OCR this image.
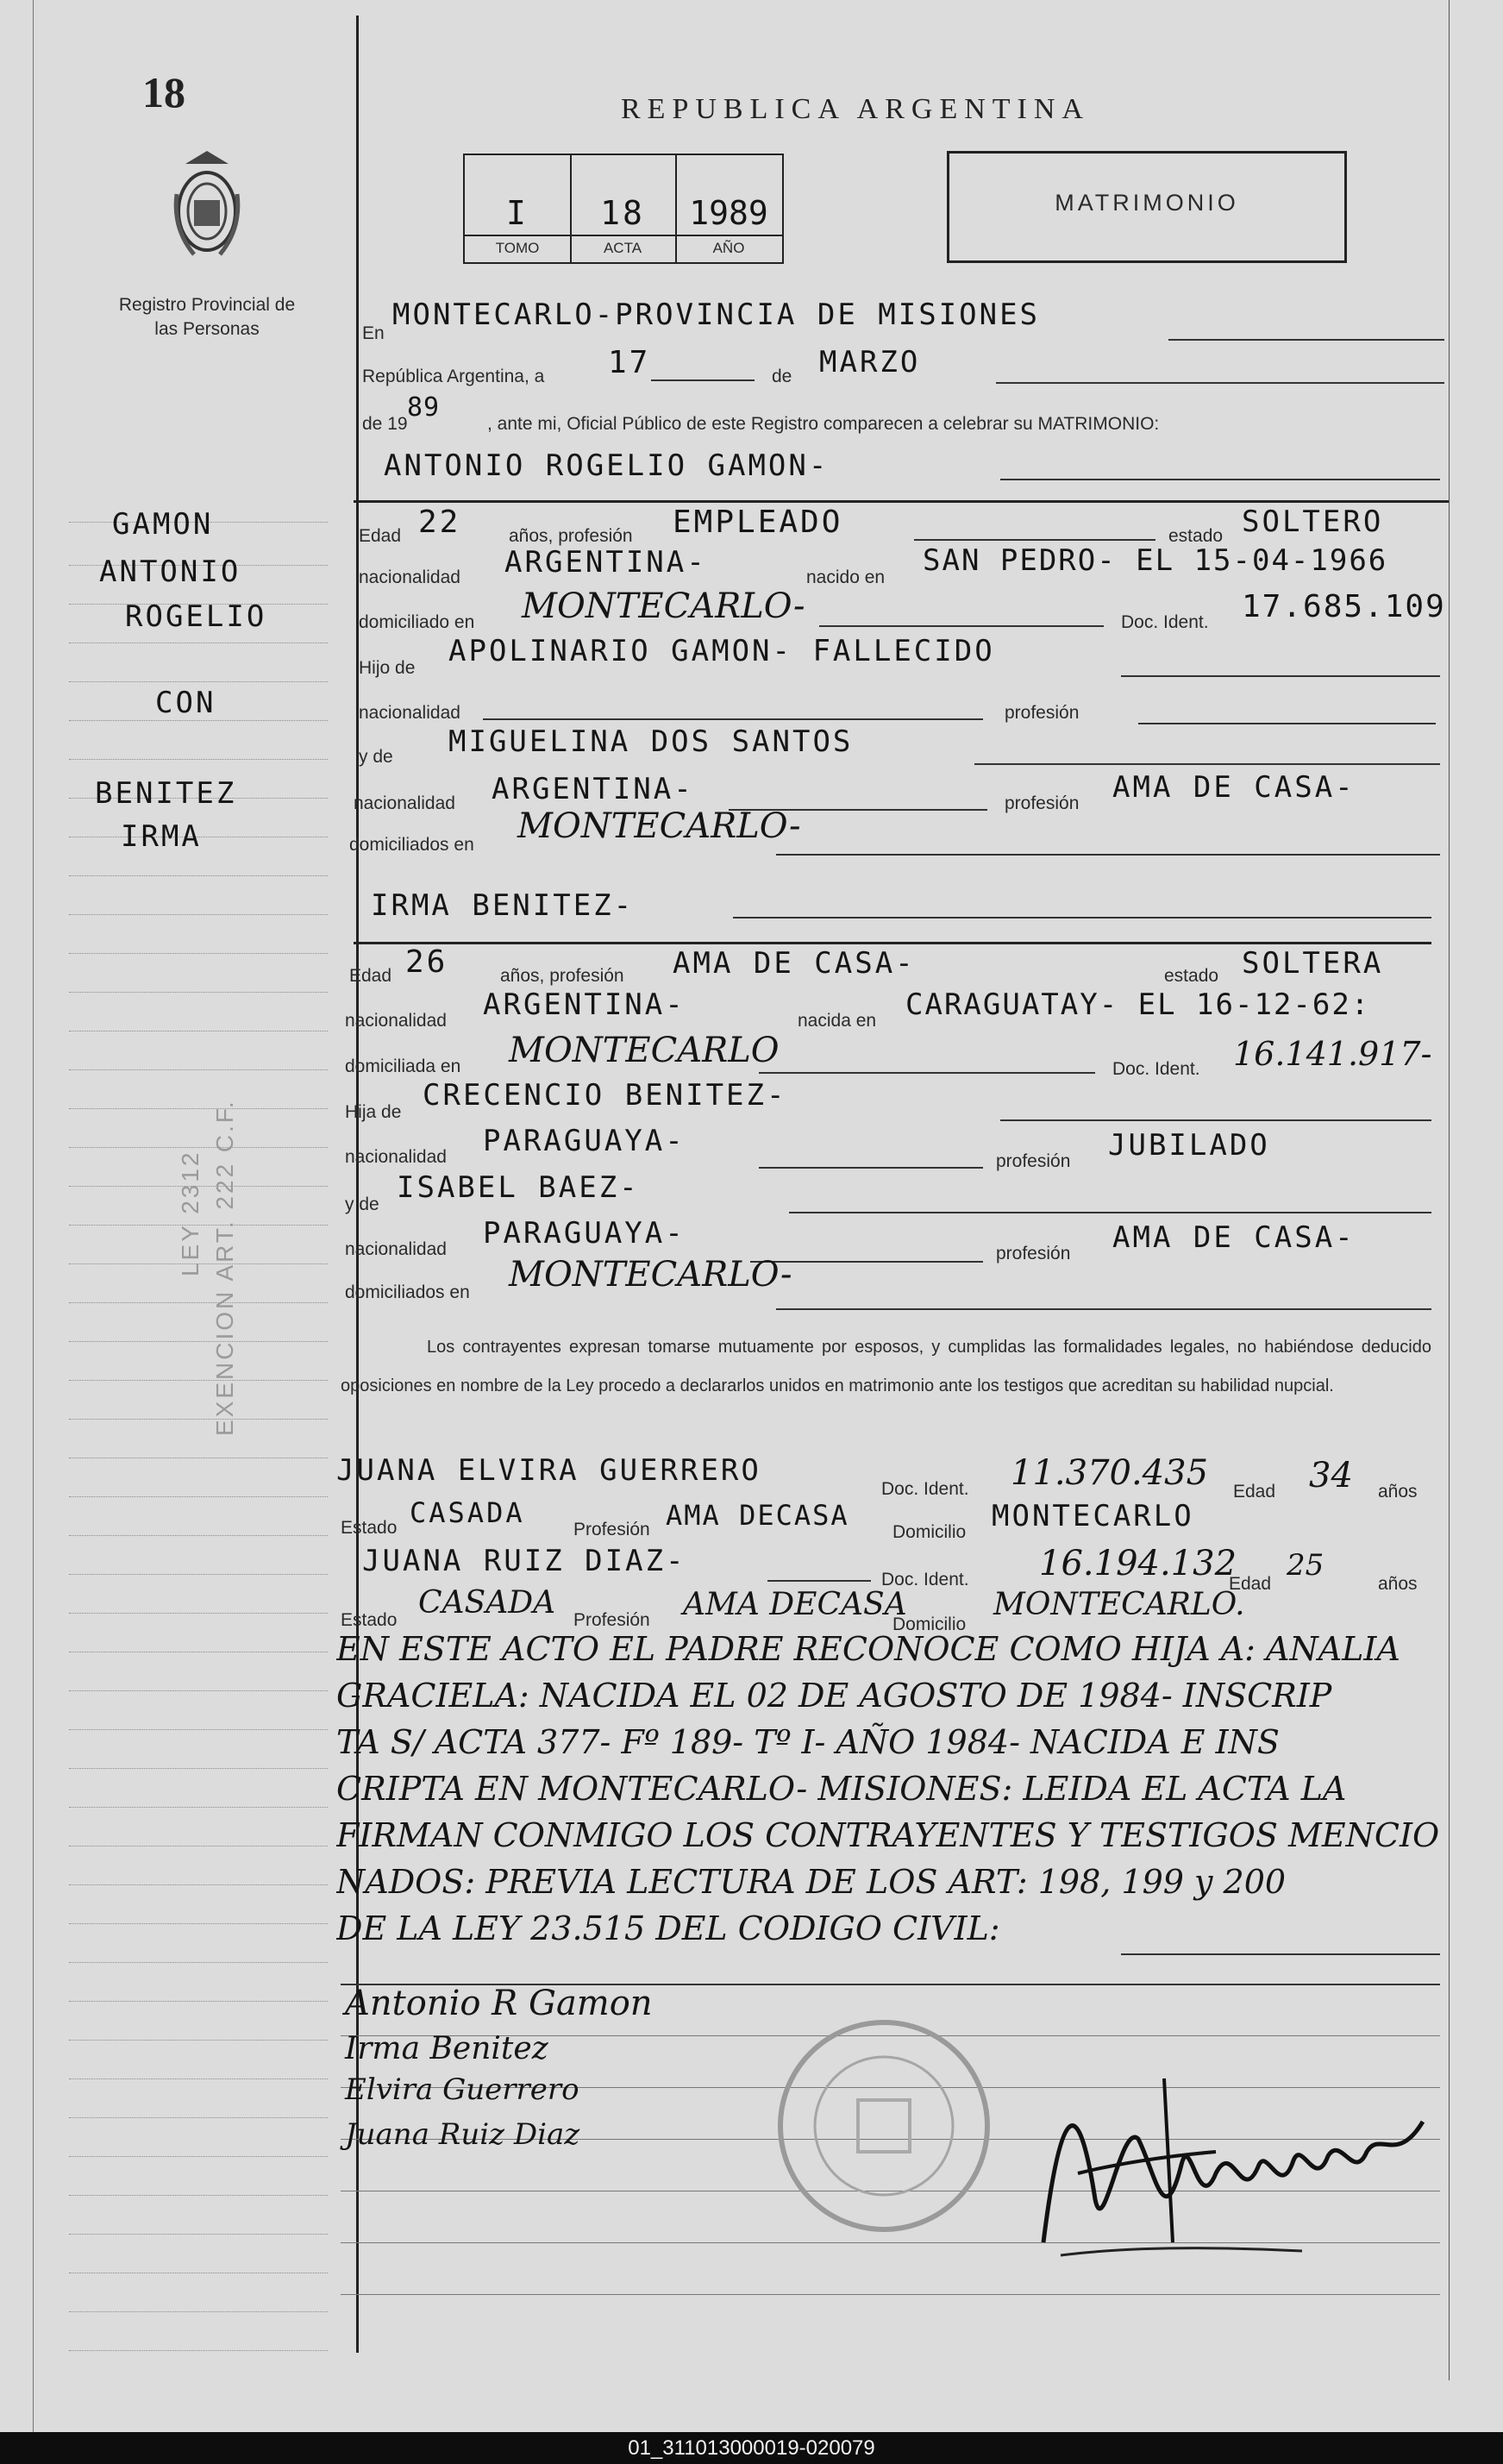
18
Registro Provincial de las Personas
REPUBLICA ARGENTINA
I
TOMO
18
ACTA
1989
AÑO
MATRIMONIO
En
MONTECARLO-PROVINCIA DE MISIONES
República Argentina, a 17	de MARZO
de 19
89
, ante mi, Oficial Público de este Registro comparecen a celebrar su MATRIMONIO:
ANTONIO ROGELIO GAMON-
Edad 22	años, profesión EMPLEADO	estado SOLTERO
nacionalidad ARGENTINA-	nacido en SAN PEDRO- EL 15-04-1966
domiciliado en MONTECARLO-	Doc. Ident. 17.685.109
Hijo de APOLINARIO GAMON- FALLECIDO
nacionalidad	profesión
y de MIGUELINA DOS SANTOS
nacionalidad ARGENTINA-	profesión AMA DE CASA-
domiciliados en MONTECARLO-
IRMA BENITEZ-
Edad 26	años, profesión AMA DE CASA-	estado SOLTERA
nacionalidad ARGENTINA-	nacida en CARAGUATAY- EL 16-12-62:
domiciliada en MONTECARLO	Doc. Ident. 16.141.917-
Hija de CRECENCIO BENITEZ-
nacionalidad PARAGUAYA-
profesión JUBILADO
y de ISABEL BAEZ-
nacionalidad PARAGUAYA-
profesión AMA DE CASA-
domiciliados en MONTECARLO-
Los contrayentes expresan tomarse mutuamente por esposos, y cumplidas las formalidades legales, no habiéndose deducido oposiciones en nombre de la Ley procedo a declararlos unidos en matrimonio ante los testigos que acreditan su habilidad nupcial.
JUANA ELVIRA GUERRERO
Doc. Ident. 11.370.435 Edad 34 años
Estado CASADA
Profesión AMA DECASA
Domicilio MONTECARLO
JUANA RUIZ DIAZ-
Doc. Ident. 16.194.132
Edad
25
años
Estado CASADA Profesión AMA DECASA
Domicilio
MONTECARLO.
EN ESTE ACTO EL PADRE RECONOCE COMO HIJA A: ANALIA
GRACIELA: NACIDA EL 02 DE AGOSTO DE 1984- INSCRIP
TA S/ ACTA 377- Fº 189- Tº I- AÑO 1984- NACIDA E INS
CRIPTA EN MONTECARLO- MISIONES: LEIDA EL ACTA LA
FIRMAN CONMIGO LOS CONTRAYENTES Y TESTIGOS MENCIO
NADOS: PREVIA LECTURA DE LOS ART: 198, 199 y 200
DE LA LEY 23.515 DEL CODIGO CIVIL:
Antonio R Gamon
Irma Benitez
Elvira Guerrero
Juana Ruiz Diaz
GAMON
ANTONIO
ROGELIO
CON
BENITEZ
IRMA
LEY 2312 EXENCION ART. 222 C.F.
01_311013000019-020079
